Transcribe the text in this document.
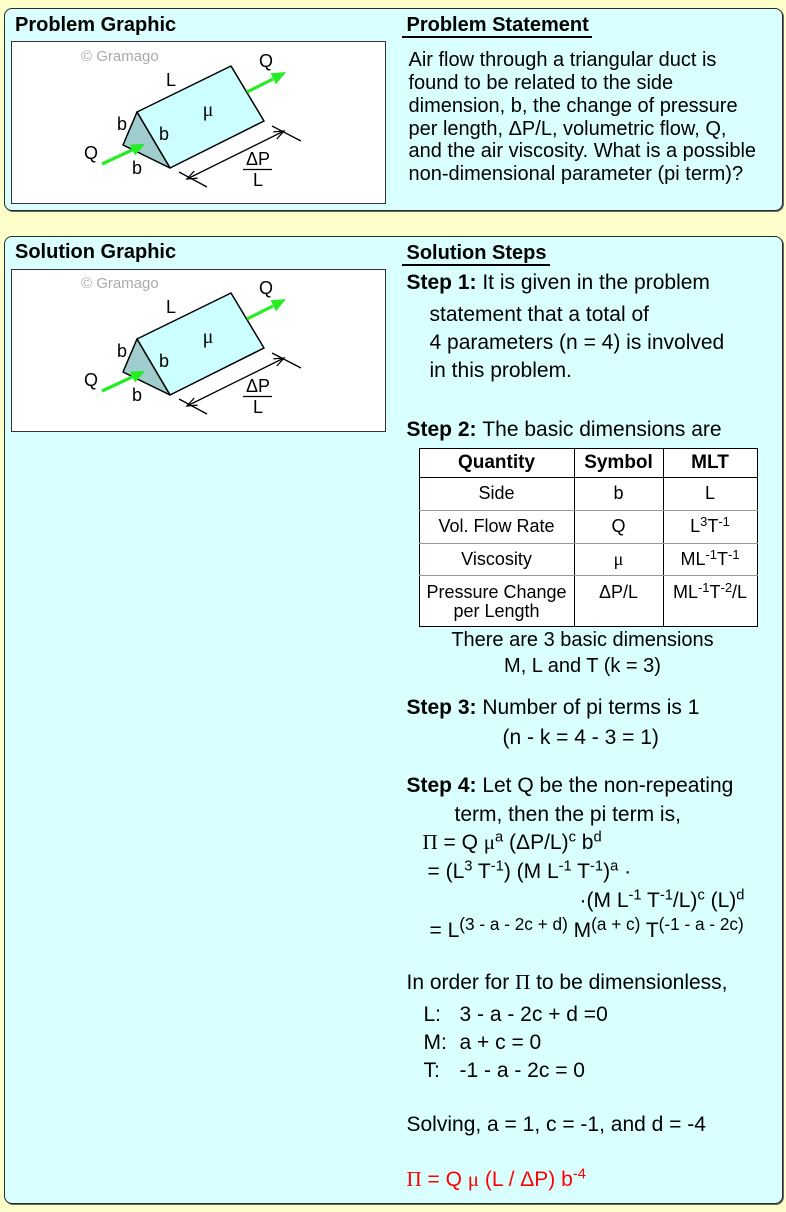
Problem Graphic
© Gramago
Q
b b
b
L
μ
Q
ΔP
L
Problem Statement
Air flow through a triangular duct is
found to be related to the side
dimension, b, the change of pressure
per length, ΔP/L, volumetric flow, Q,
and the air viscosity. What is a possible
non-dimensional parameter (pi term)?
Solution Graphic
© Gramago
Q
b b
b
L
μ
Q
ΔP
L
Solution Steps
Step 1: It is given in the problem
statement that a total of
4 parameters (n = 4) is involved
in this problem.
Step 2: The basic dimensions are
Quantity	Symbol	MLT
Side	b	L
Vol. Flow Rate	Q	$L^3T^{-1}$
Viscosity	μ	$ML^{-1}T^{-1}$

Pressure Change
per Length	ΔP/L	$ML^{-1}T^{-2}/L$
There are 3 basic dimensions
M, L and T (k = 3)
Step 3: Number of pi terms is 1
(n - k = 4 - 3 = 1)
Step 4: Let Q be the non-repeating
term, then the pi term is,
Π = Q $\mu^a$ $(\Delta P/L)^c$ $b^d$
= ($L^3$ $T^{-1}$) (M $L^{-1}$ $T^{-1})^a$ ·
·(M $L^{-1}$ $T^{-1}/L)^c$ $(L)^d$
= $L^{(3 - a - 2c + d)}$ $M^{(a + c)}$ $T^{(-1 - a - 2c)}$
In order for Π to be dimensionless,
L: 3 - a - 2c + d =0
M: a + c = 0
T: -1 - a - 2c = 0
Solving, a = 1, c = -1, and d = -4
Π = Q μ (L / ΔP) $b^{-4}$
